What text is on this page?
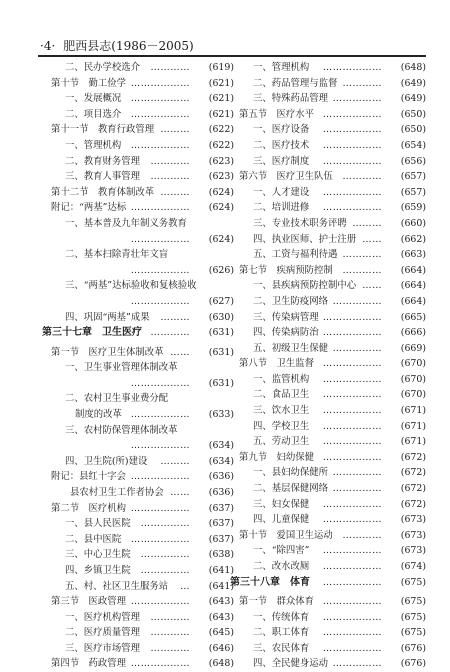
·4· 肥西县志(1986－2005)
二、民办学校选介 …………	(619)
第十节　勤工俭学 ………………	(621)
一、发展概况 ………………	(621)
二、项目选介 ………………	(621)
第十一节　教育行政管理 ………	(622)
一、管理机构 ………………	(622)
二、教育财务管理 …………	(623)
三、教育人事管理 …………	(623)
第十二节　教育体制改革 ………	(624)
附记：“两基”达标 ………………	(624)
一、基本普及九年制义务教育
………………	(624)
二、基本扫除青壮年文盲
………………	(626)
三、“两基”达标验收和复核验收
………………	(627)
四、巩固“两基”成果 ………	(630)
第三十七章　卫生医疗 …………	(631)
第一节　医疗卫生体制改革 ……	(631)
一、卫生事业管理体制改革
………………	(631)
二、农村卫生事业费分配
制度的改革 ………………	(633)
三、农村防保管理体制改革
………………	(634)
四、卫生院(所)建设 ………	(634)
附记：县红十字会 ………………	(636)
县农村卫生工作者协会 ……	(636)
第二节　医疗机构 ………………	(637)
一、县人民医院 ……………	(637)
二、县中医院 ………………	(637)
三、中心卫生院 ……………	(638)
四、乡镇卫生院 ……………	(641)
五、村、社区卫生服务站 …	(641)
第三节　医政管理 ………………	(643)
一、医疗机构管理 …………	(643)
二、医疗质量管理 …………	(645)
三、医疗市场管理 …………	(646)
第四节　药政管理 ………………	(648)
一、管理机构 ………………	(648)
二、药品管理与监督 …………	(649)
三、特殊药品管理 ……………	(649)
第五节　医疗水平 ………………	(650)
一、医疗设备 ………………	(650)
二、医疗技术 ………………	(654)
三、医疗制度 ………………	(656)
第六节　医疗卫生队伍 …………	(657)
一、人才建设 ………………	(657)
二、培训进修 ………………	(659)
三、专业技术职务评聘 ………	(660)
四、执业医师、护士注册 ……	(662)
五、工资与福利待遇 …………	(663)
第七节　疾病预防控制 …………	(664)
一、县疾病预防控制中心 ……	(664)
二、卫生防疫网络 ……………	(664)
三、传染病管理 ………………	(665)
四、传染病防治 ………………	(666)
五、初级卫生保健 ……………	(669)
第八节　卫生监督 ………………	(670)
一、监管机构 ………………	(670)
二、食品卫生 ………………	(670)
三、饮水卫生 ………………	(671)
四、学校卫生 ………………	(671)
五、劳动卫生 ………………	(671)
第九节　妇幼保健 ………………	(672)
一、县妇幼保健所 ……………	(672)
二、基层保健网络 ……………	(672)
三、妇女保健 ………………	(672)
四、儿童保健 ………………	(673)
第十节　爱国卫生运动 …………	(673)
一、“除四害” ………………	(673)
二、改水改厕 ………………	(674)
第三十八章　体育 ………………	(675)
第一节　群众体育 ………………	(675)
一、传统体育 ………………	(675)
二、职工体育 ………………	(675)
三、农民体育 ………………	(676)
四、全民健身运动 ……………	(676)
